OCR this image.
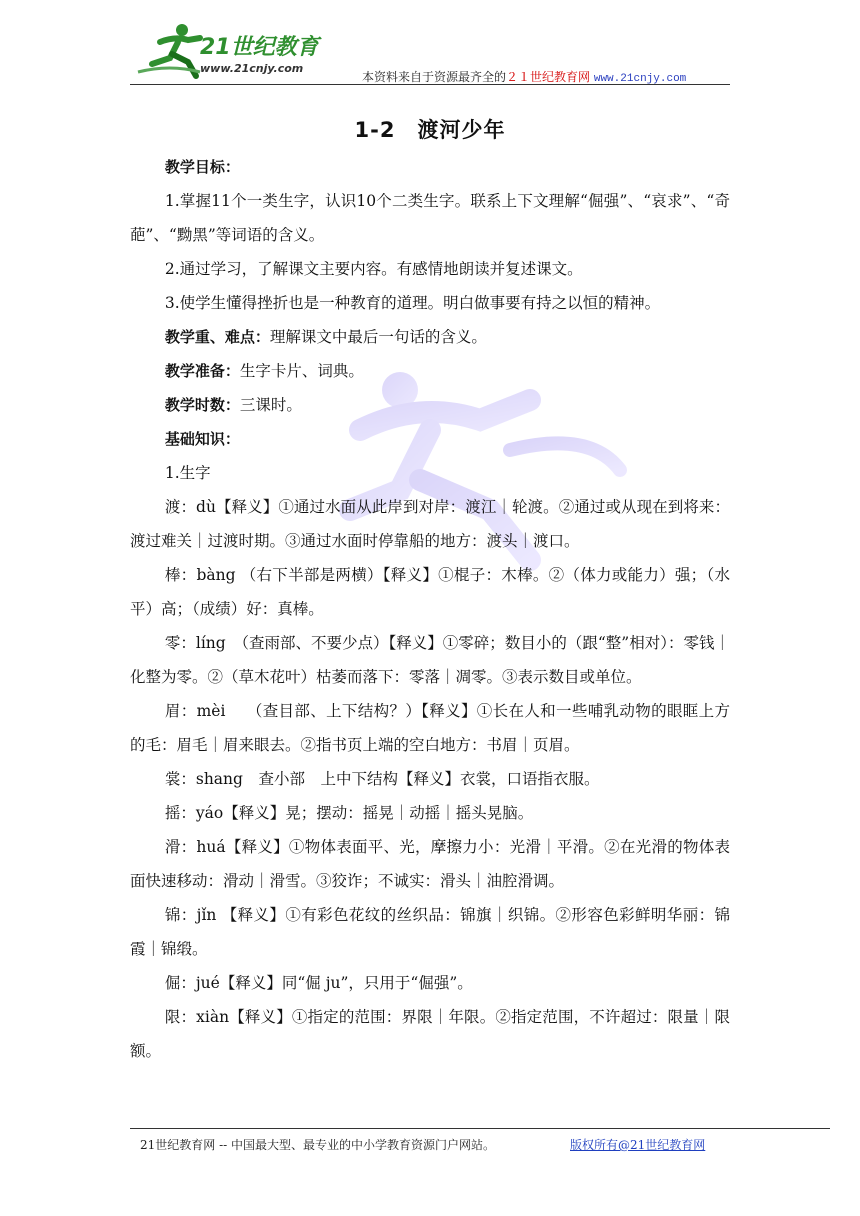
21世纪教育
www.21cnjy.com
本资料来自于资源最齐全的２１世纪教育网 www.21cnjy.com
1-2　渡河少年

教学目标：

1.掌握11个一类生字，认识10个二类生字。联系上下文理解“倔强”、“哀求”、“奇葩”、“黝黑”等词语的含义。

2.通过学习，了解课文主要内容。有感情地朗读并复述课文。

3.使学生懂得挫折也是一种教育的道理。明白做事要有持之以恒的精神。

教学重、难点：理解课文中最后一句话的含义。

教学准备：生字卡片、词典。

教学时数：三课时。

基础知识：

1.生字

渡：dù【释义】①通过水面从此岸到对岸：渡江｜轮渡。②通过或从现在到将来：渡过难关｜过渡时期。③通过水面时停靠船的地方：渡头｜渡口。

棒：bàng （右下半部是两横）【释义】①棍子：木棒。②（体力或能力）强；（水平）高；（成绩）好：真棒。

零：líng　（查雨部、不要少点）【释义】①零碎；数目小的（跟“整”相对）：零钱｜化整为零。②（草木花叶）枯萎而落下：零落｜凋零。③表示数目或单位。

眉：mèi　 （查目部、上下结构？）【释义】①长在人和一些哺乳动物的眼眶上方的毛：眉毛｜眉来眼去。②指书页上端的空白地方：书眉｜页眉。

裳：shang　查小部　上中下结构【释义】衣裳，口语指衣服。

摇：yáo【释义】晃；摆动：摇晃｜动摇｜摇头晃脑。

滑：huá【释义】①物体表面平、光，摩擦力小：光滑｜平滑。②在光滑的物体表面快速移动：滑动｜滑雪。③狡诈；不诚实：滑头｜油腔滑调。

锦：jǐn 【释义】①有彩色花纹的丝织品：锦旗｜织锦。②形容色彩鲜明华丽：锦霞｜锦缎。

倔：jué【释义】同“倔 ju”，只用于“倔强”。

限：xiàn【释义】①指定的范围：界限｜年限。②指定范围，不许超过：限量｜限额。

21世纪教育网 -- 中国最大型、最专业的中小学教育资源门户网站。	版权所有@21世纪教育网
